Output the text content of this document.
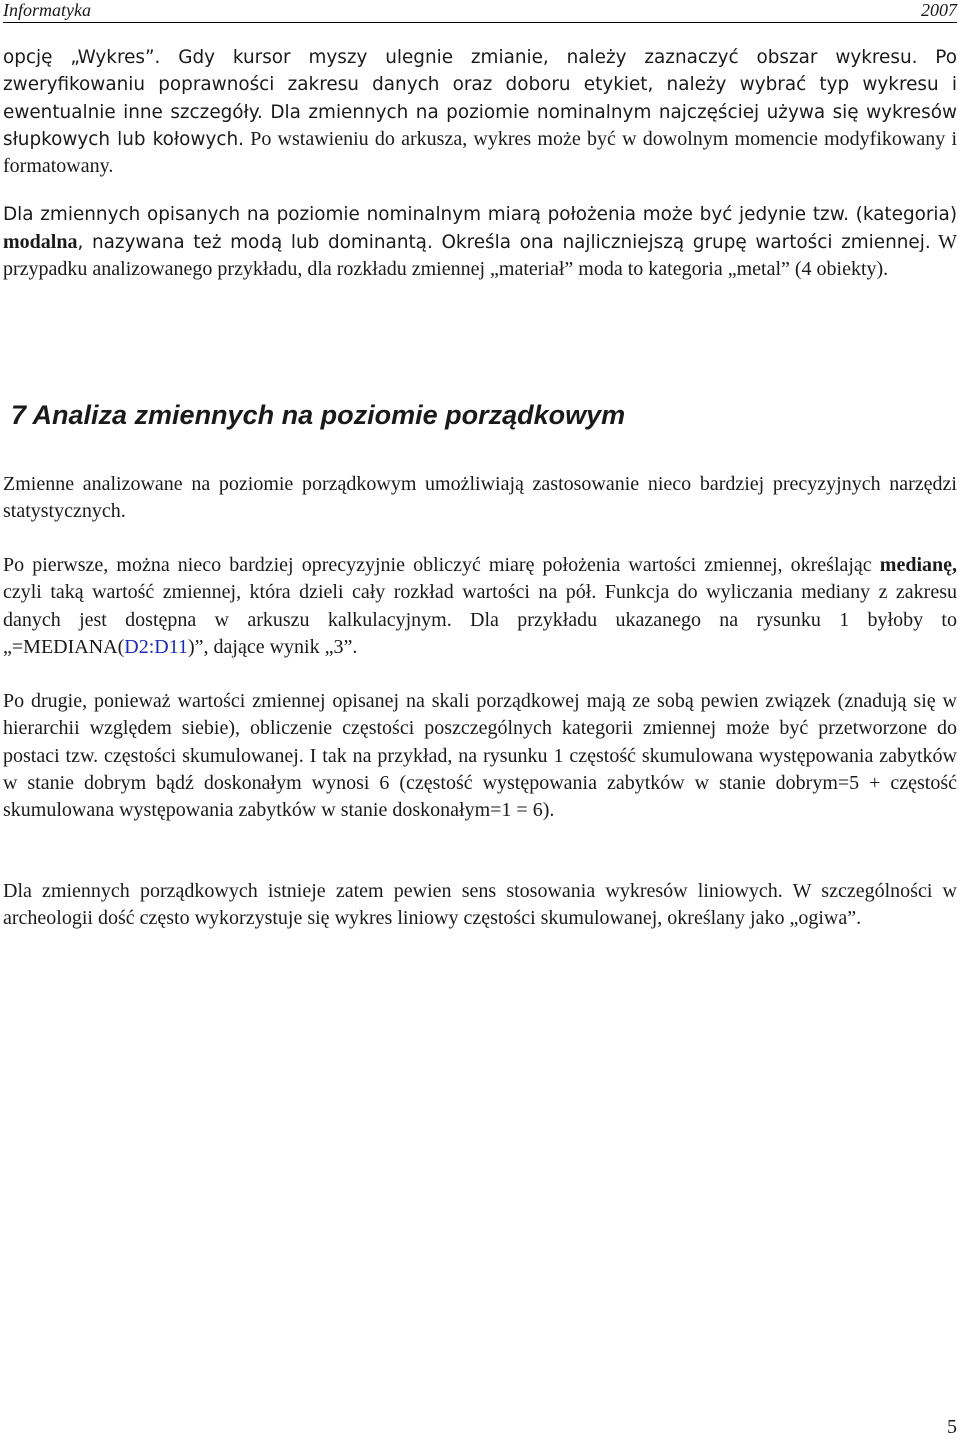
Informatyka	2007

opcję „Wykres”. Gdy kursor myszy ulegnie zmianie, należy zaznaczyć obszar wykresu. Po zweryfikowaniu poprawności zakresu danych oraz doboru etykiet, należy wybrać typ wykresu i ewentualnie inne szczegóły. Dla zmiennych na poziomie nominalnym najczęściej używa się wykresów słupkowych lub kołowych. Po wstawieniu do arkusza, wykres może być w dowolnym momencie modyfikowany i formatowany.

Dla zmiennych opisanych na poziomie nominalnym miarą położenia może być jedynie tzw. (kategoria) modalna, nazywana też modą lub dominantą. Określa ona najliczniejszą grupę wartości zmiennej. W przypadku analizowanego przykładu, dla rozkładu zmiennej „materiał” moda to kategoria „metal” (4 obiekty).

7 Analiza zmiennych na poziomie porządkowym

Zmienne analizowane na poziomie porządkowym umożliwiają zastosowanie nieco bardziej precyzyjnych narzędzi statystycznych.

Po pierwsze, można nieco bardziej oprecyzyjnie obliczyć miarę położenia wartości zmiennej, określając medianę, czyli taką wartość zmiennej, która dzieli cały rozkład wartości na pół. Funkcja do wyliczania mediany z zakresu danych jest dostępna w arkuszu kalkulacyjnym. Dla przykładu ukazanego na rysunku 1 byłoby to „=MEDIANA(D2:D11)”, dające wynik „3”.

Po drugie, ponieważ wartości zmiennej opisanej na skali porządkowej mają ze sobą pewien związek (znadują się w hierarchii względem siebie), obliczenie częstości poszczególnych kategorii zmiennej może być przetworzone do postaci tzw. częstości skumulowanej. I tak na przykład, na rysunku 1 częstość skumulowana występowania zabytków w stanie dobrym bądź doskonałym wynosi 6 (częstość występowania zabytków w stanie dobrym=5 + częstość skumulowana występowania zabytków w stanie doskonałym=1 = 6).

Dla zmiennych porządkowych istnieje zatem pewien sens stosowania wykresów liniowych. W szczególności w archeologii dość często wykorzystuje się wykres liniowy częstości skumulowanej, określany jako „ogiwa”.

5
